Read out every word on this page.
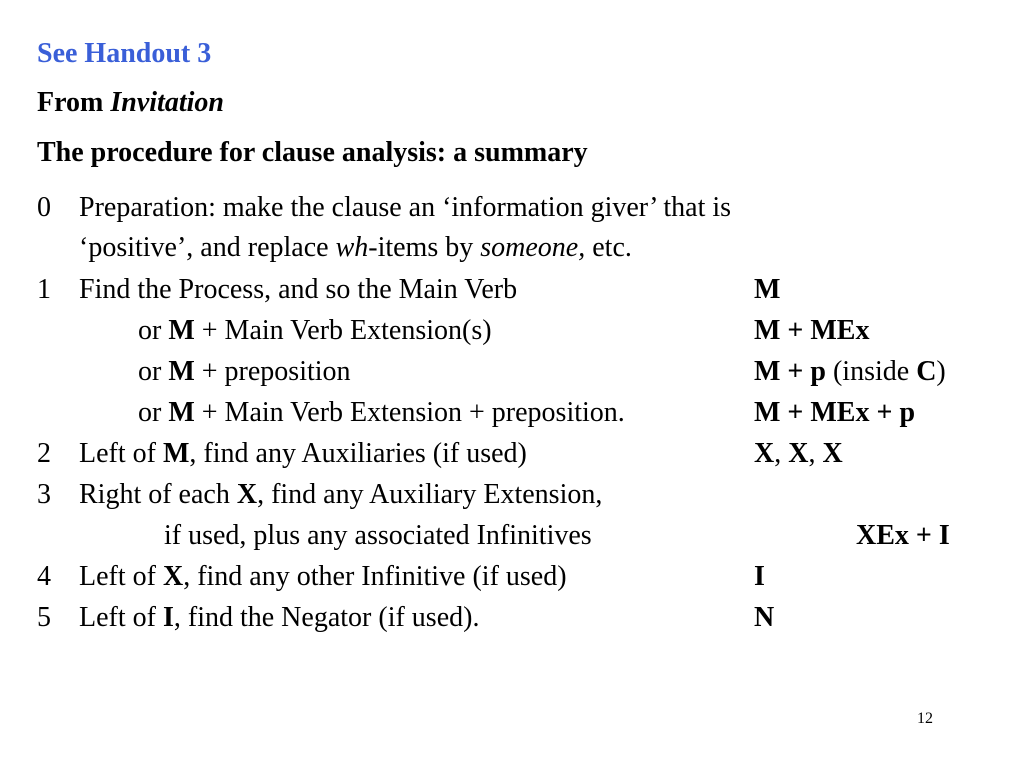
See Handout 3
From Invitation
The procedure for clause analysis: a summary
0	Preparation: make the clause an ‘information giver’ that is
‘positive’, and replace wh-items by someone, etc.
1	Find the Process, and so the Main Verb	M
or M + Main Verb Extension(s)	M + MEx
or M + preposition	M + p (inside C)
or M + Main Verb Extension + preposition.	M + MEx + p
2	Left of M, find any Auxiliaries (if used)	X, X, X
3	Right of each X, find any Auxiliary Extension,
if used, plus any associated Infinitives	XEx + I
4	Left of X, find any other Infinitive (if used)	I
5	Left of I, find the Negator (if used).	N
12
